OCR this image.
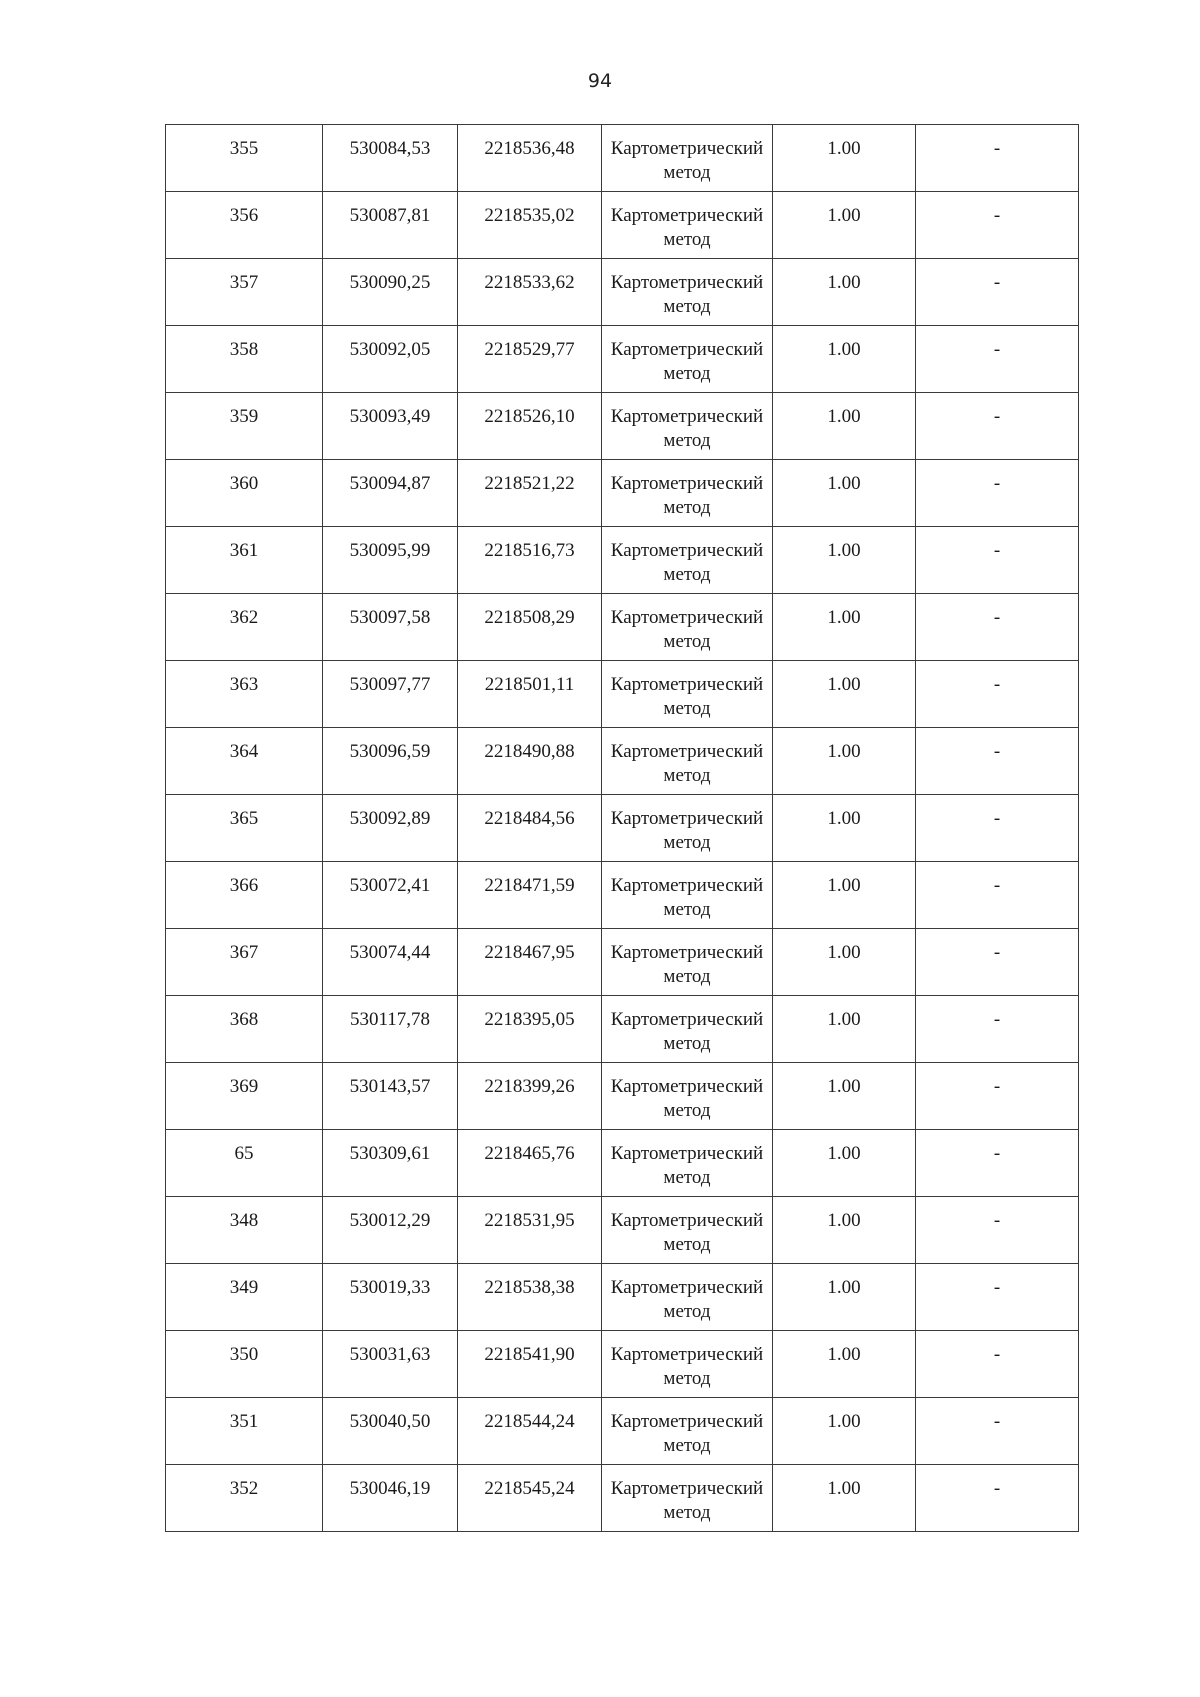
94
355	530084,53	2218536,48	Картометрический метод	1.00	-
356	530087,81	2218535,02	Картометрический метод	1.00	-
357	530090,25	2218533,62	Картометрический метод	1.00	-
358	530092,05	2218529,77	Картометрический метод	1.00	-
359	530093,49	2218526,10	Картометрический метод	1.00	-
360	530094,87	2218521,22	Картометрический метод	1.00	-
361	530095,99	2218516,73	Картометрический метод	1.00	-
362	530097,58	2218508,29	Картометрический метод	1.00	-
363	530097,77	2218501,11	Картометрический метод	1.00	-
364	530096,59	2218490,88	Картометрический метод	1.00	-
365	530092,89	2218484,56	Картометрический метод	1.00	-
366	530072,41	2218471,59	Картометрический метод	1.00	-
367	530074,44	2218467,95	Картометрический метод	1.00	-
368	530117,78	2218395,05	Картометрический метод	1.00	-
369	530143,57	2218399,26	Картометрический метод	1.00	-
65	530309,61	2218465,76	Картометрический метод	1.00	-
348	530012,29	2218531,95	Картометрический метод	1.00	-
349	530019,33	2218538,38	Картометрический метод	1.00	-
350	530031,63	2218541,90	Картометрический метод	1.00	-
351	530040,50	2218544,24	Картометрический метод	1.00	-
352	530046,19	2218545,24	Картометрический метод	1.00	-
